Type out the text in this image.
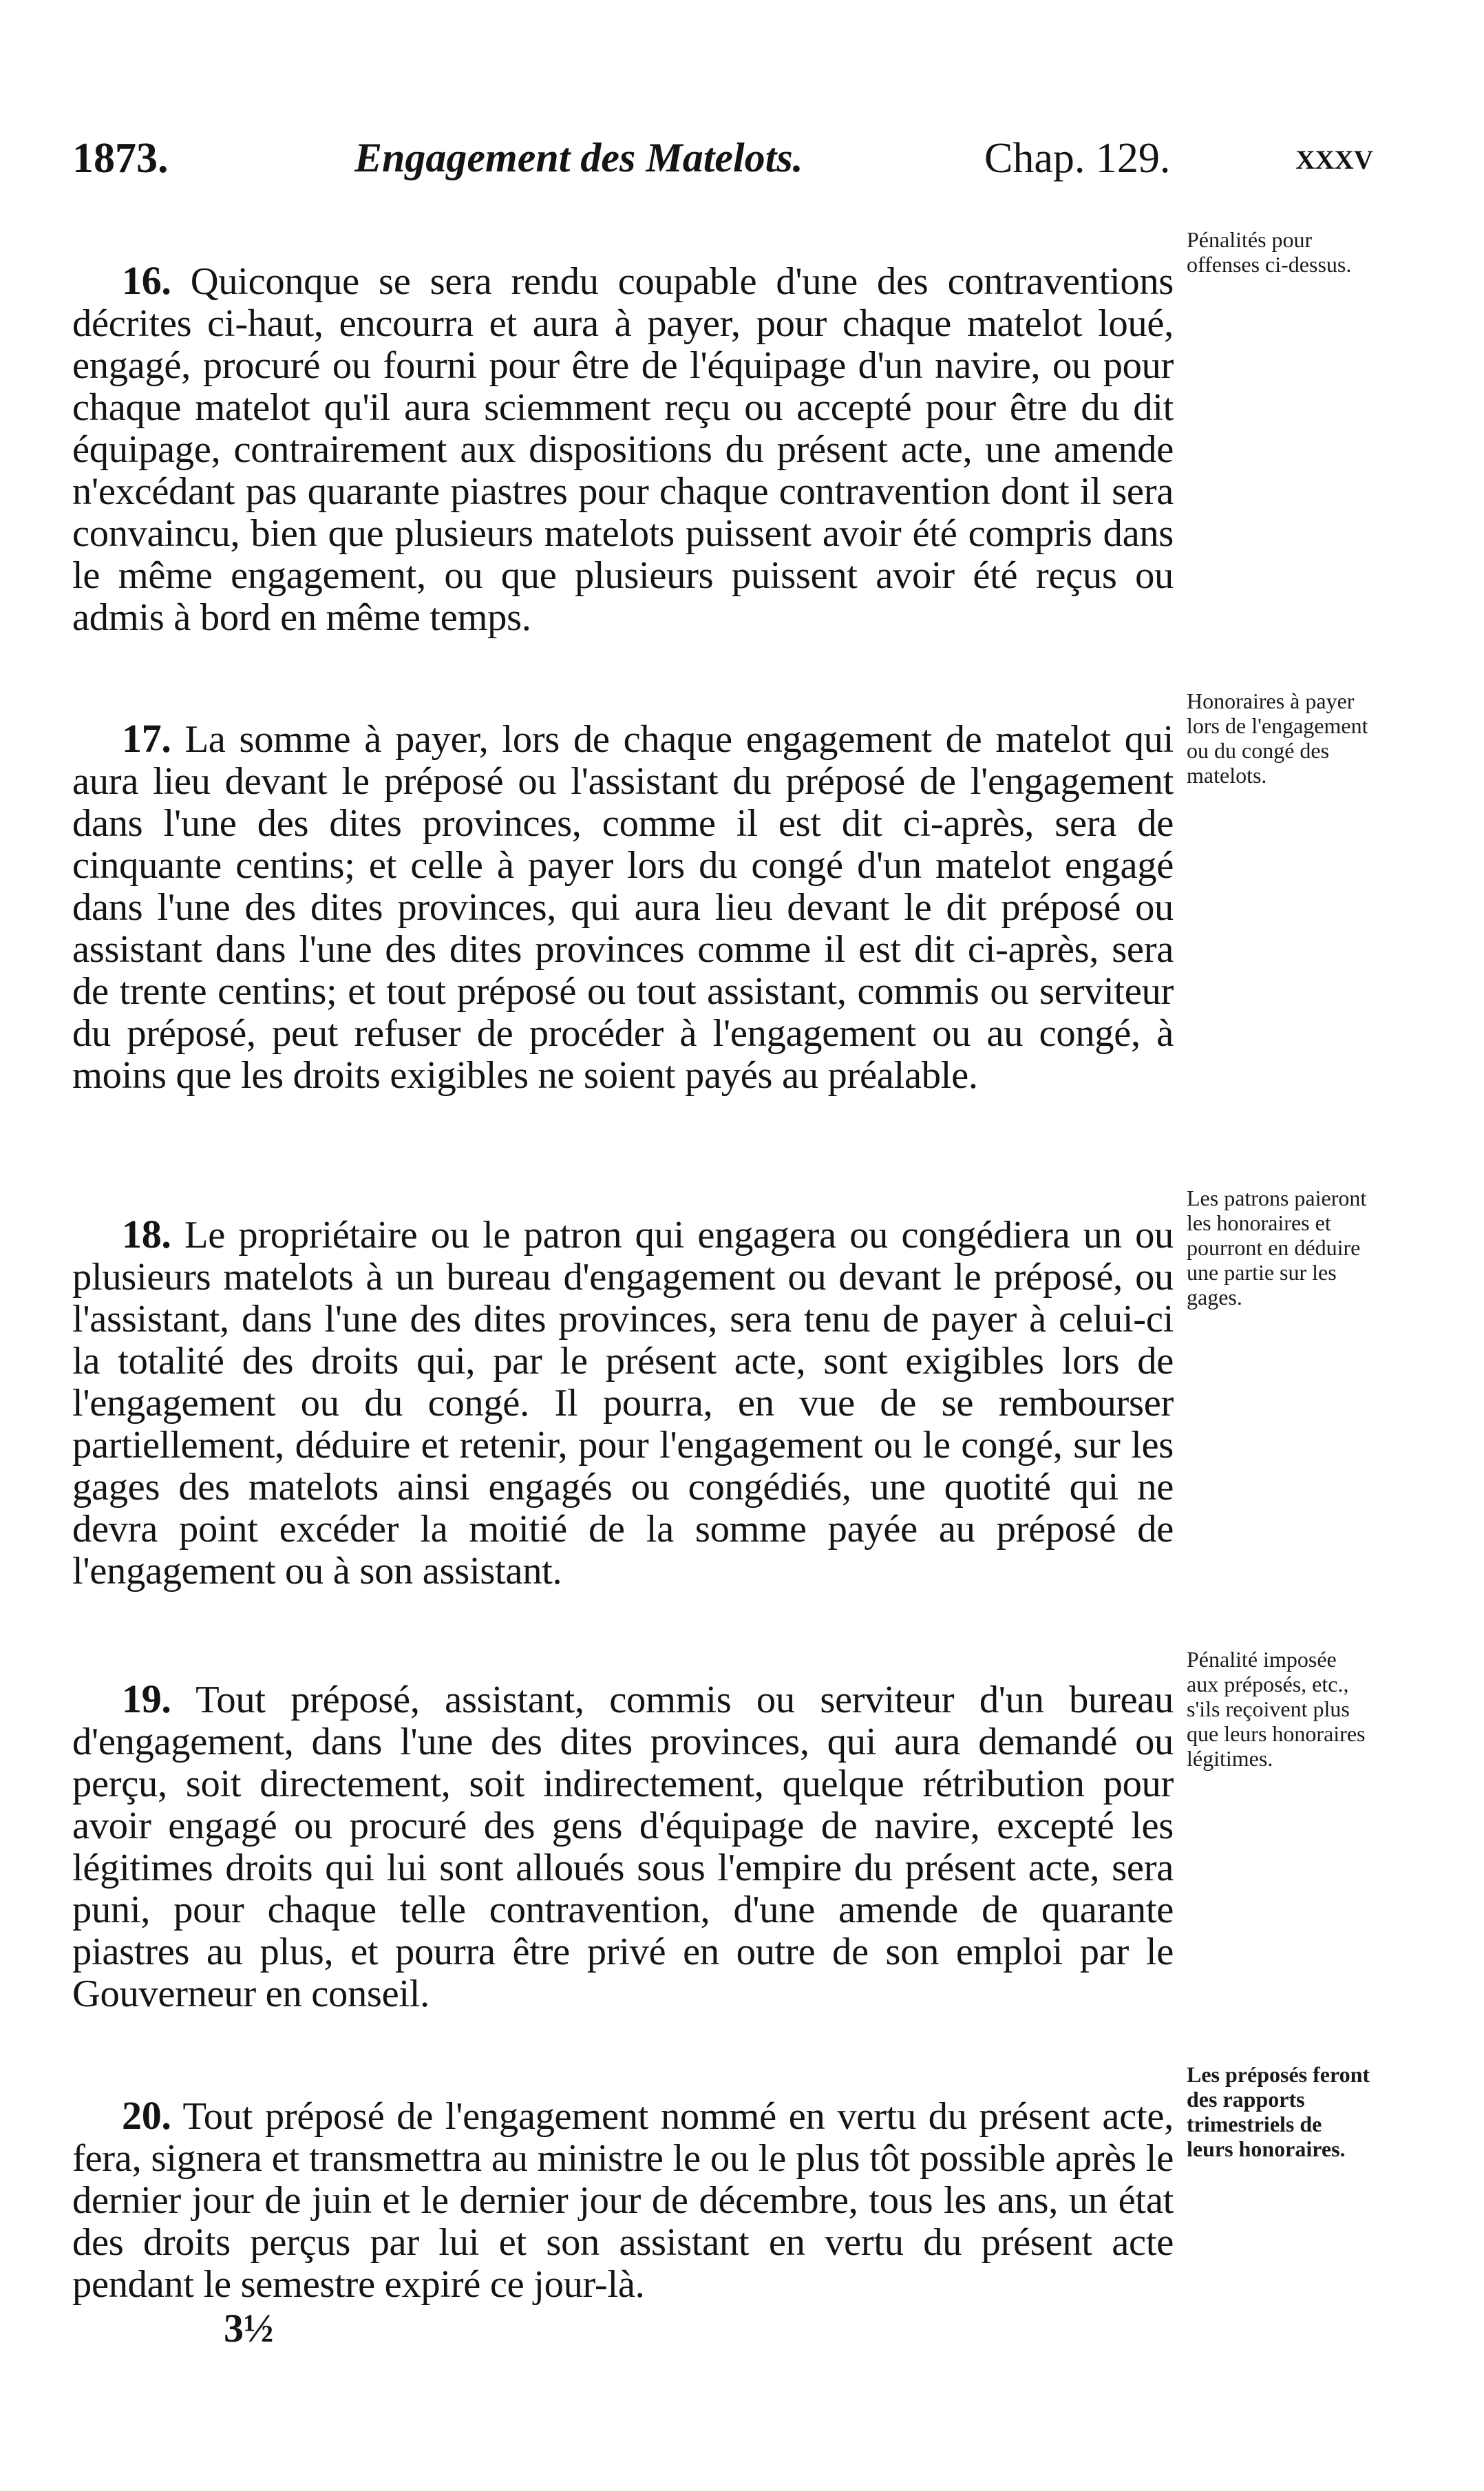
1873.	Engagement des Matelots.	Chap. 129.	xxxv

16. Quiconque se sera rendu coupable d'une des contraventions décrites ci-haut, encourra et aura à payer, pour chaque matelot loué, engagé, procuré ou fourni pour être de l'équipage d'un navire, ou pour chaque matelot qu'il aura sciemment reçu ou accepté pour être du dit équipage, contrairement aux dispositions du présent acte, une amende n'excédant pas quarante piastres pour chaque contravention dont il sera convaincu, bien que plusieurs matelots puissent avoir été compris dans le même engagement, ou que plusieurs puissent avoir été reçus ou admis à bord en même temps.

Pénalités pour offenses ci-dessus.

17. La somme à payer, lors de chaque engagement de matelot qui aura lieu devant le préposé ou l'assistant du préposé de l'engagement dans l'une des dites provinces, comme il est dit ci-après, sera de cinquante centins; et celle à payer lors du congé d'un matelot engagé dans l'une des dites provinces, qui aura lieu devant le dit préposé ou assistant dans l'une des dites provinces comme il est dit ci-après, sera de trente centins; et tout préposé ou tout assistant, commis ou serviteur du préposé, peut refuser de procéder à l'engagement ou au congé, à moins que les droits exigibles ne soient payés au préalable.

Honoraires à payer lors de l'engagement ou du congé des matelots.

18. Le propriétaire ou le patron qui engagera ou congédiera un ou plusieurs matelots à un bureau d'engagement ou devant le préposé, ou l'assistant, dans l'une des dites provinces, sera tenu de payer à celui-ci la totalité des droits qui, par le présent acte, sont exigibles lors de l'engagement ou du congé. Il pourra, en vue de se rembourser partiellement, déduire et retenir, pour l'engagement ou le congé, sur les gages des matelots ainsi engagés ou congédiés, une quotité qui ne devra point excéder la moitié de la somme payée au préposé de l'engagement ou à son assistant.

Les patrons paieront les honoraires et pourront en déduire une partie sur les gages.

19. Tout préposé, assistant, commis ou serviteur d'un bureau d'engagement, dans l'une des dites provinces, qui aura demandé ou perçu, soit directement, soit indirectement, quelque rétribution pour avoir engagé ou procuré des gens d'équipage de navire, excepté les légitimes droits qui lui sont alloués sous l'empire du présent acte, sera puni, pour chaque telle contravention, d'une amende de quarante piastres au plus, et pourra être privé en outre de son emploi par le Gouverneur en conseil.

Pénalité imposée aux préposés, etc., s'ils reçoivent plus que leurs honoraires légitimes.

20. Tout préposé de l'engagement nommé en vertu du présent acte, fera, signera et transmettra au ministre le ou le plus tôt possible après le dernier jour de juin et le dernier jour de décembre, tous les ans, un état des droits perçus par lui et son assistant en vertu du présent acte pendant le semestre expiré ce jour-là.

Les préposés feront des rapports trimestriels de leurs honoraires.
3½
